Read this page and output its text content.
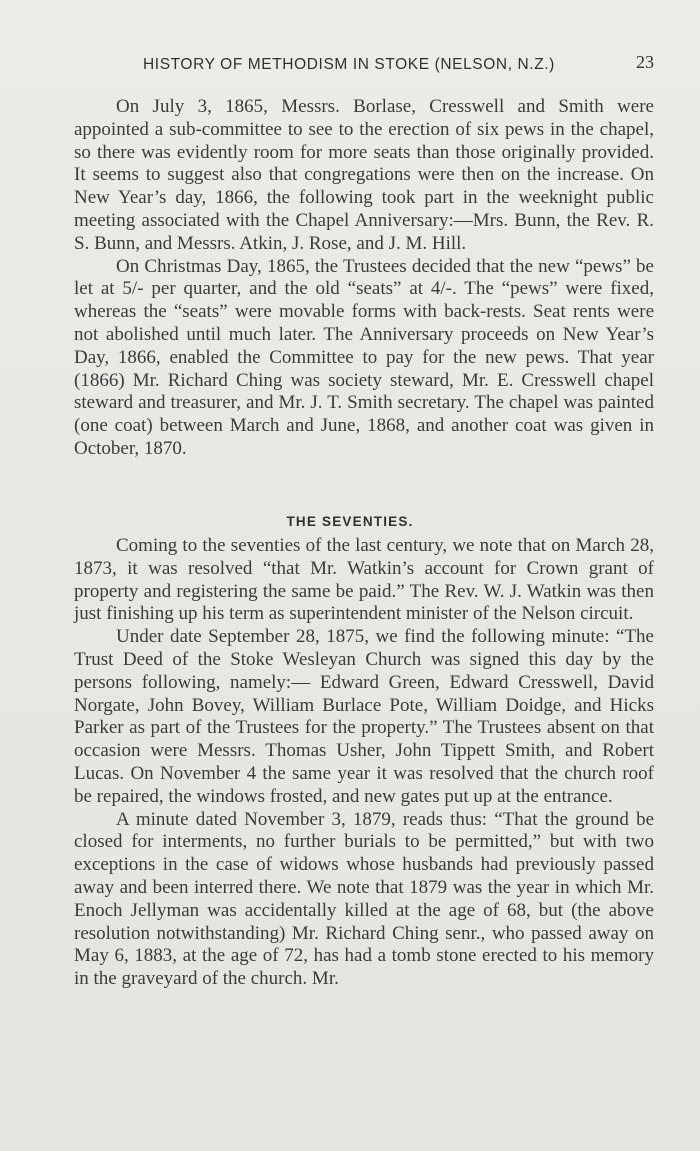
HISTORY OF METHODISM IN STOKE (NELSON, N.Z.)	23

On July 3, 1865, Messrs. Borlase, Cresswell and Smith were appointed a sub-committee to see to the erection of six pews in the chapel, so there was evidently room for more seats than those originally provided. It seems to suggest also that congregations were then on the increase. On New Year’s day, 1866, the following took part in the weeknight public meeting associated with the Chapel Anniversary:—Mrs. Bunn, the Rev. R. S. Bunn, and Messrs. Atkin, J. Rose, and J. M. Hill.

On Christmas Day, 1865, the Trustees decided that the new “pews” be let at 5/- per quarter, and the old “seats” at 4/-. The “pews” were fixed, whereas the “seats” were movable forms with back-rests. Seat rents were not abolished until much later. The Anniversary proceeds on New Year’s Day, 1866, enabled the Committee to pay for the new pews. That year (1866) Mr. Richard Ching was society steward, Mr. E. Cresswell chapel steward and treasurer, and Mr. J. T. Smith secretary. The chapel was painted (one coat) between March and June, 1868, and another coat was given in October, 1870.

THE SEVENTIES.

Coming to the seventies of the last century, we note that on March 28, 1873, it was resolved “that Mr. Watkin’s account for Crown grant of property and registering the same be paid.” The Rev. W. J. Watkin was then just finishing up his term as superintendent minister of the Nelson circuit.

Under date September 28, 1875, we find the following minute: “The Trust Deed of the Stoke Wesleyan Church was signed this day by the persons following, namely:— Edward Green, Edward Cresswell, David Norgate, John Bovey, William Burlace Pote, William Doidge, and Hicks Parker as part of the Trustees for the property.” The Trustees absent on that occasion were Messrs. Thomas Usher, John Tippett Smith, and Robert Lucas. On November 4 the same year it was resolved that the church roof be repaired, the windows frosted, and new gates put up at the entrance.

A minute dated November 3, 1879, reads thus: “That the ground be closed for interments, no further burials to be permitted,” but with two exceptions in the case of widows whose husbands had previously passed away and been interred there. We note that 1879 was the year in which Mr. Enoch Jellyman was accidentally killed at the age of 68, but (the above resolution notwithstanding) Mr. Richard Ching senr., who passed away on May 6, 1883, at the age of 72, has had a tomb stone erected to his memory in the graveyard of the church. Mr.
